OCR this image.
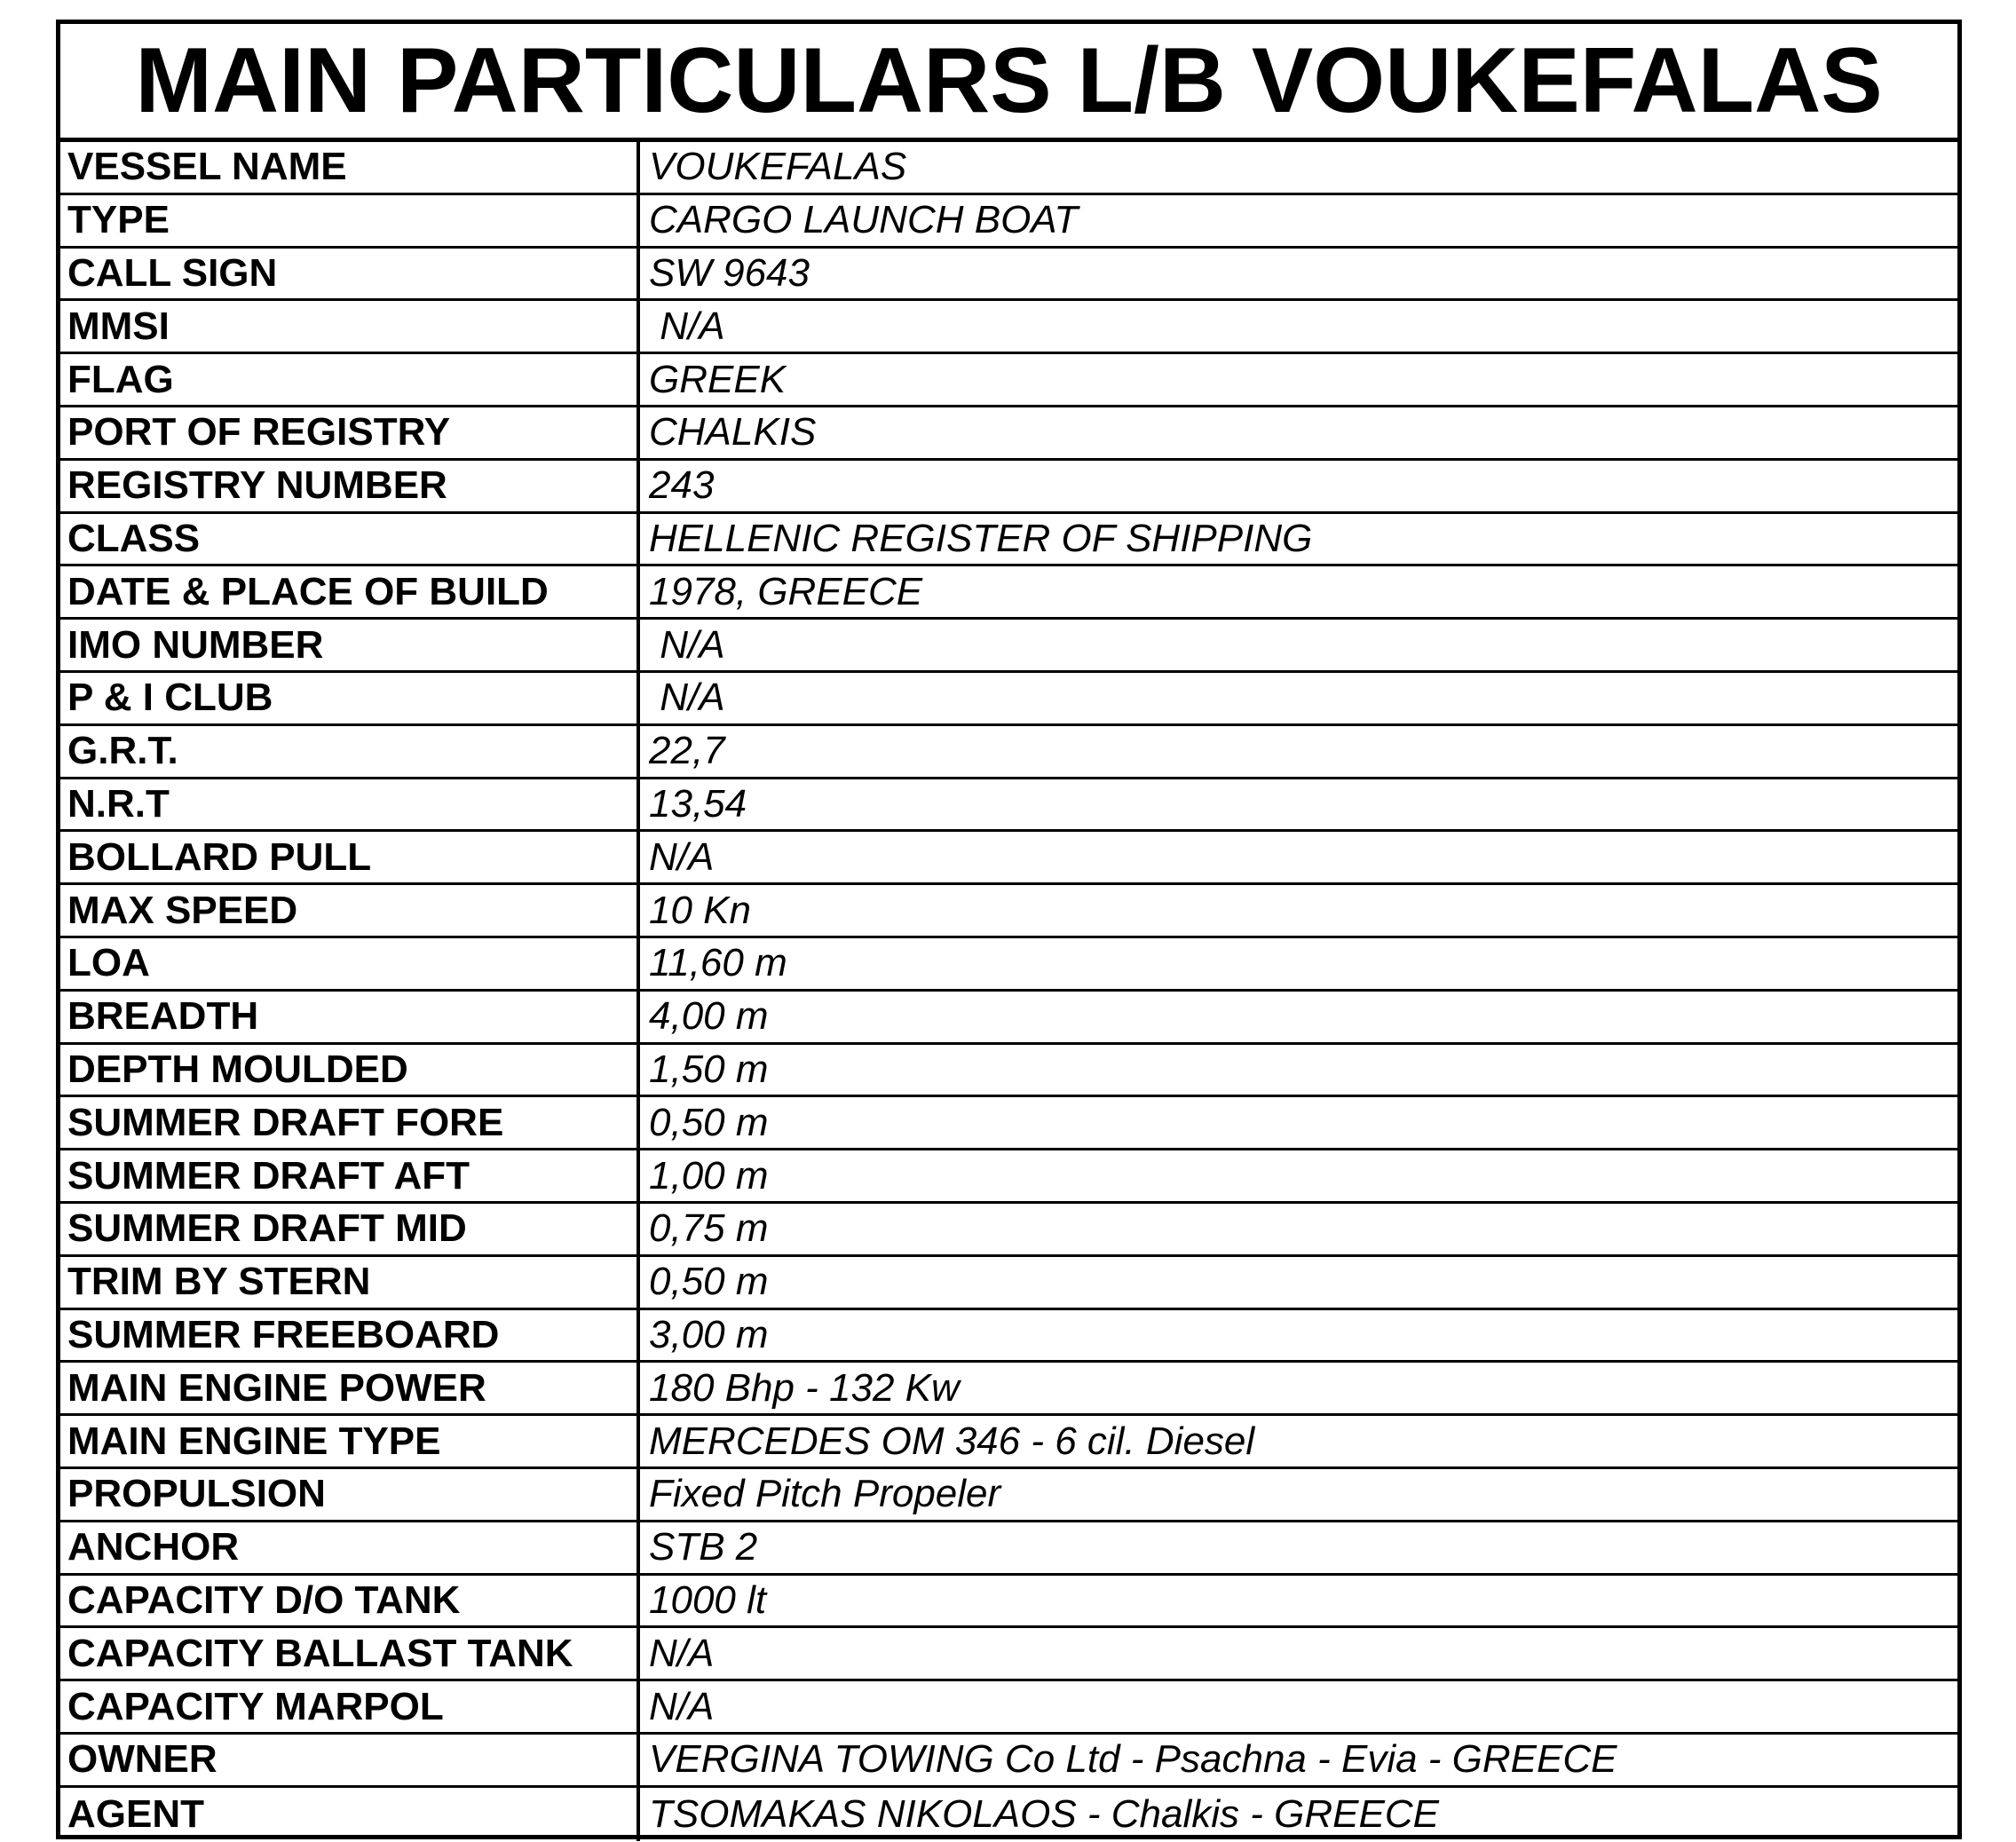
MAIN PARTICULARS L/B VOUKEFALAS
VESSEL NAME	VOUKEFALAS
TYPE	CARGO LAUNCH BOAT
CALL SIGN	SW 9643
MMSI	N/A
FLAG	GREEK
PORT OF REGISTRY	CHALKIS
REGISTRY NUMBER	243
CLASS	HELLENIC REGISTER OF SHIPPING
DATE & PLACE OF BUILD	1978, GREECE
IMO NUMBER	N/A
P & I CLUB	N/A
G.R.T.	22,7
N.R.T	13,54
BOLLARD PULL	N/A
MAX SPEED	10 Kn
LOA	11,60 m
BREADTH	4,00 m
DEPTH MOULDED	1,50 m
SUMMER DRAFT FORE	0,50 m
SUMMER DRAFT AFT	1,00 m
SUMMER DRAFT MID	0,75 m
TRIM BY STERN	0,50 m
SUMMER FREEBOARD	3,00 m
MAIN ENGINE POWER	180 Bhp - 132 Kw
MAIN ENGINE TYPE	MERCEDES OM 346 - 6 cil. Diesel
PROPULSION	Fixed Pitch Propeler
ANCHOR	STB 2
CAPACITY D/O TANK	1000 lt
CAPACITY BALLAST TANK	N/A
CAPACITY MARPOL	N/A
OWNER	VERGINA TOWING Co Ltd - Psachna - Evia - GREECE
AGENT	TSOMAKAS NIKOLAOS - Chalkis - GREECE
